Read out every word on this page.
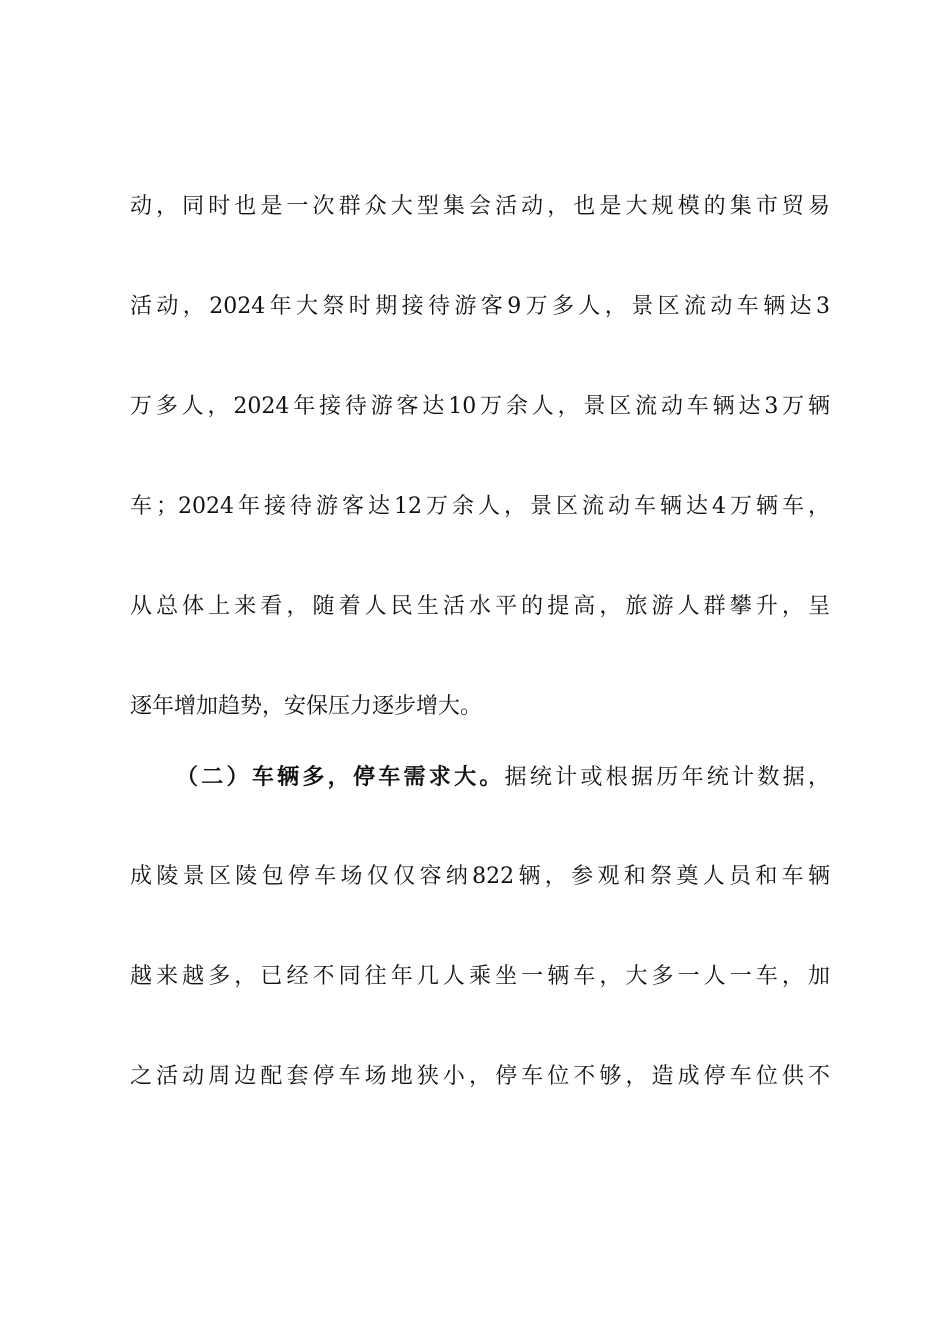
动，同时也是一次群众大型集会活动，也是大规模的集市贸易
活动，2024年大祭时期接待游客9万多人，景区流动车辆达3
万多人，2024年接待游客达10万余人，景区流动车辆达3万辆
车；2024年接待游客达12万余人，景区流动车辆达4万辆车，
从总体上来看，随着人民生活水平的提高，旅游人群攀升，呈
逐年增加趋势，安保压力逐步增大。
（二）车辆多，停车需求大。据统计或根据历年统计数据，
成陵景区陵包停车场仅仅容纳822辆，参观和祭奠人员和车辆
越来越多，已经不同往年几人乘坐一辆车，大多一人一车，加
之活动周边配套停车场地狭小，停车位不够，造成停车位供不
